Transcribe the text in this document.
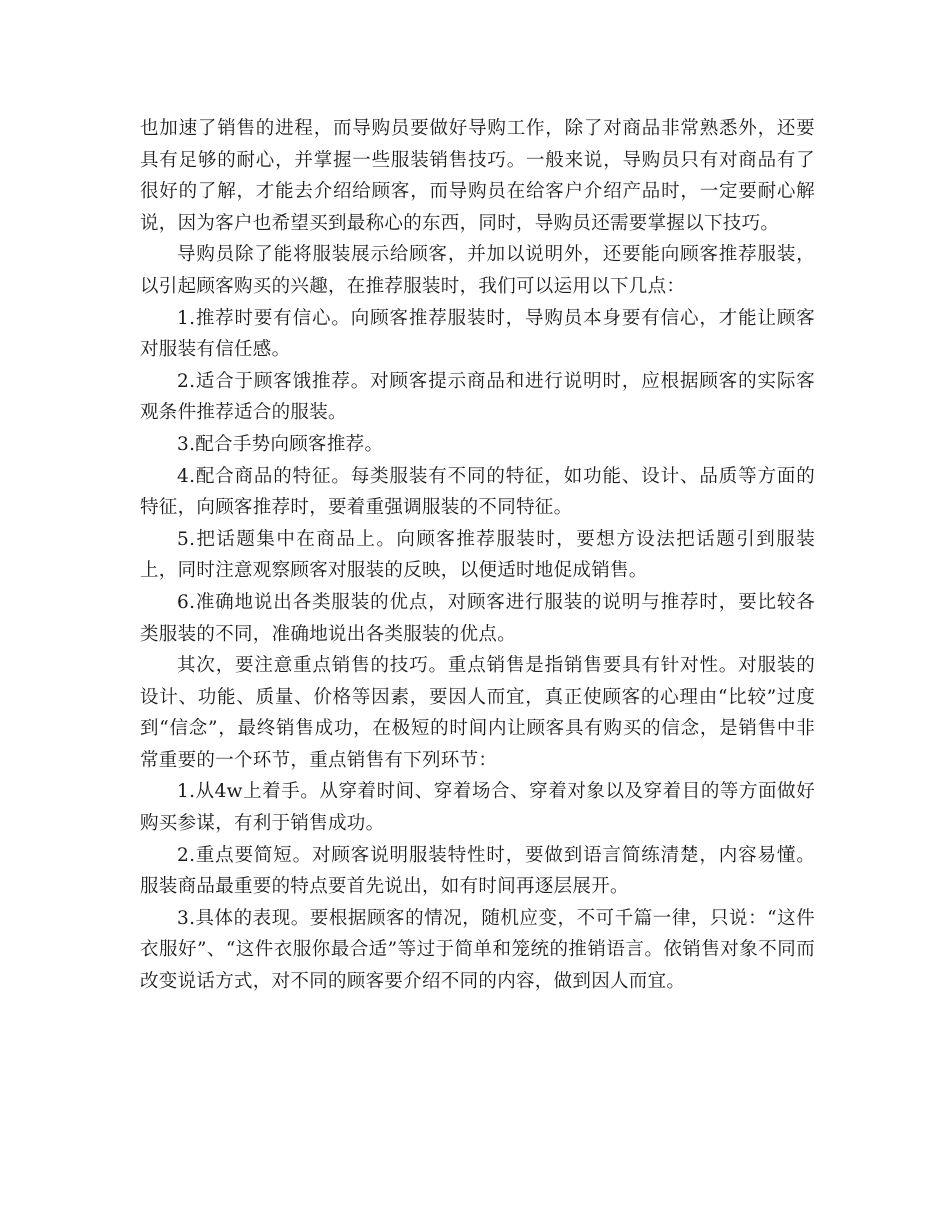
也加速了销售的进程，而导购员要做好导购工作，除了对商品非常熟悉外，还要具有足够的耐心，并掌握一些服装销售技巧。一般来说，导购员只有对商品有了很好的了解，才能去介绍给顾客，而导购员在给客户介绍产品时，一定要耐心解说，因为客户也希望买到最称心的东西，同时，导购员还需要掌握以下技巧。

导购员除了能将服装展示给顾客，并加以说明外，还要能向顾客推荐服装，以引起顾客购买的兴趣，在推荐服装时，我们可以运用以下几点：

1.推荐时要有信心。向顾客推荐服装时，导购员本身要有信心，才能让顾客对服装有信任感。

2.适合于顾客饿推荐。对顾客提示商品和进行说明时，应根据顾客的实际客观条件推荐适合的服装。

3.配合手势向顾客推荐。

4.配合商品的特征。每类服装有不同的特征，如功能、设计、品质等方面的特征，向顾客推荐时，要着重强调服装的不同特征。

5.把话题集中在商品上。向顾客推荐服装时，要想方设法把话题引到服装上，同时注意观察顾客对服装的反映，以便适时地促成销售。

6.准确地说出各类服装的优点，对顾客进行服装的说明与推荐时，要比较各类服装的不同，准确地说出各类服装的优点。

其次，要注意重点销售的技巧。重点销售是指销售要具有针对性。对服装的设计、功能、质量、价格等因素，要因人而宜，真正使顾客的心理由“比较”过度到“信念”，最终销售成功，在极短的时间内让顾客具有购买的信念，是销售中非常重要的一个环节，重点销售有下列环节：

1.从4w上着手。从穿着时间、穿着场合、穿着对象以及穿着目的等方面做好购买参谋，有利于销售成功。

2.重点要简短。对顾客说明服装特性时，要做到语言简练清楚，内容易懂。服装商品最重要的特点要首先说出，如有时间再逐层展开。

3.具体的表现。要根据顾客的情况，随机应变，不可千篇一律，只说：“这件衣服好”、“这件衣服你最合适”等过于简单和笼统的推销语言。依销售对象不同而改变说话方式，对不同的顾客要介绍不同的内容，做到因人而宜。
